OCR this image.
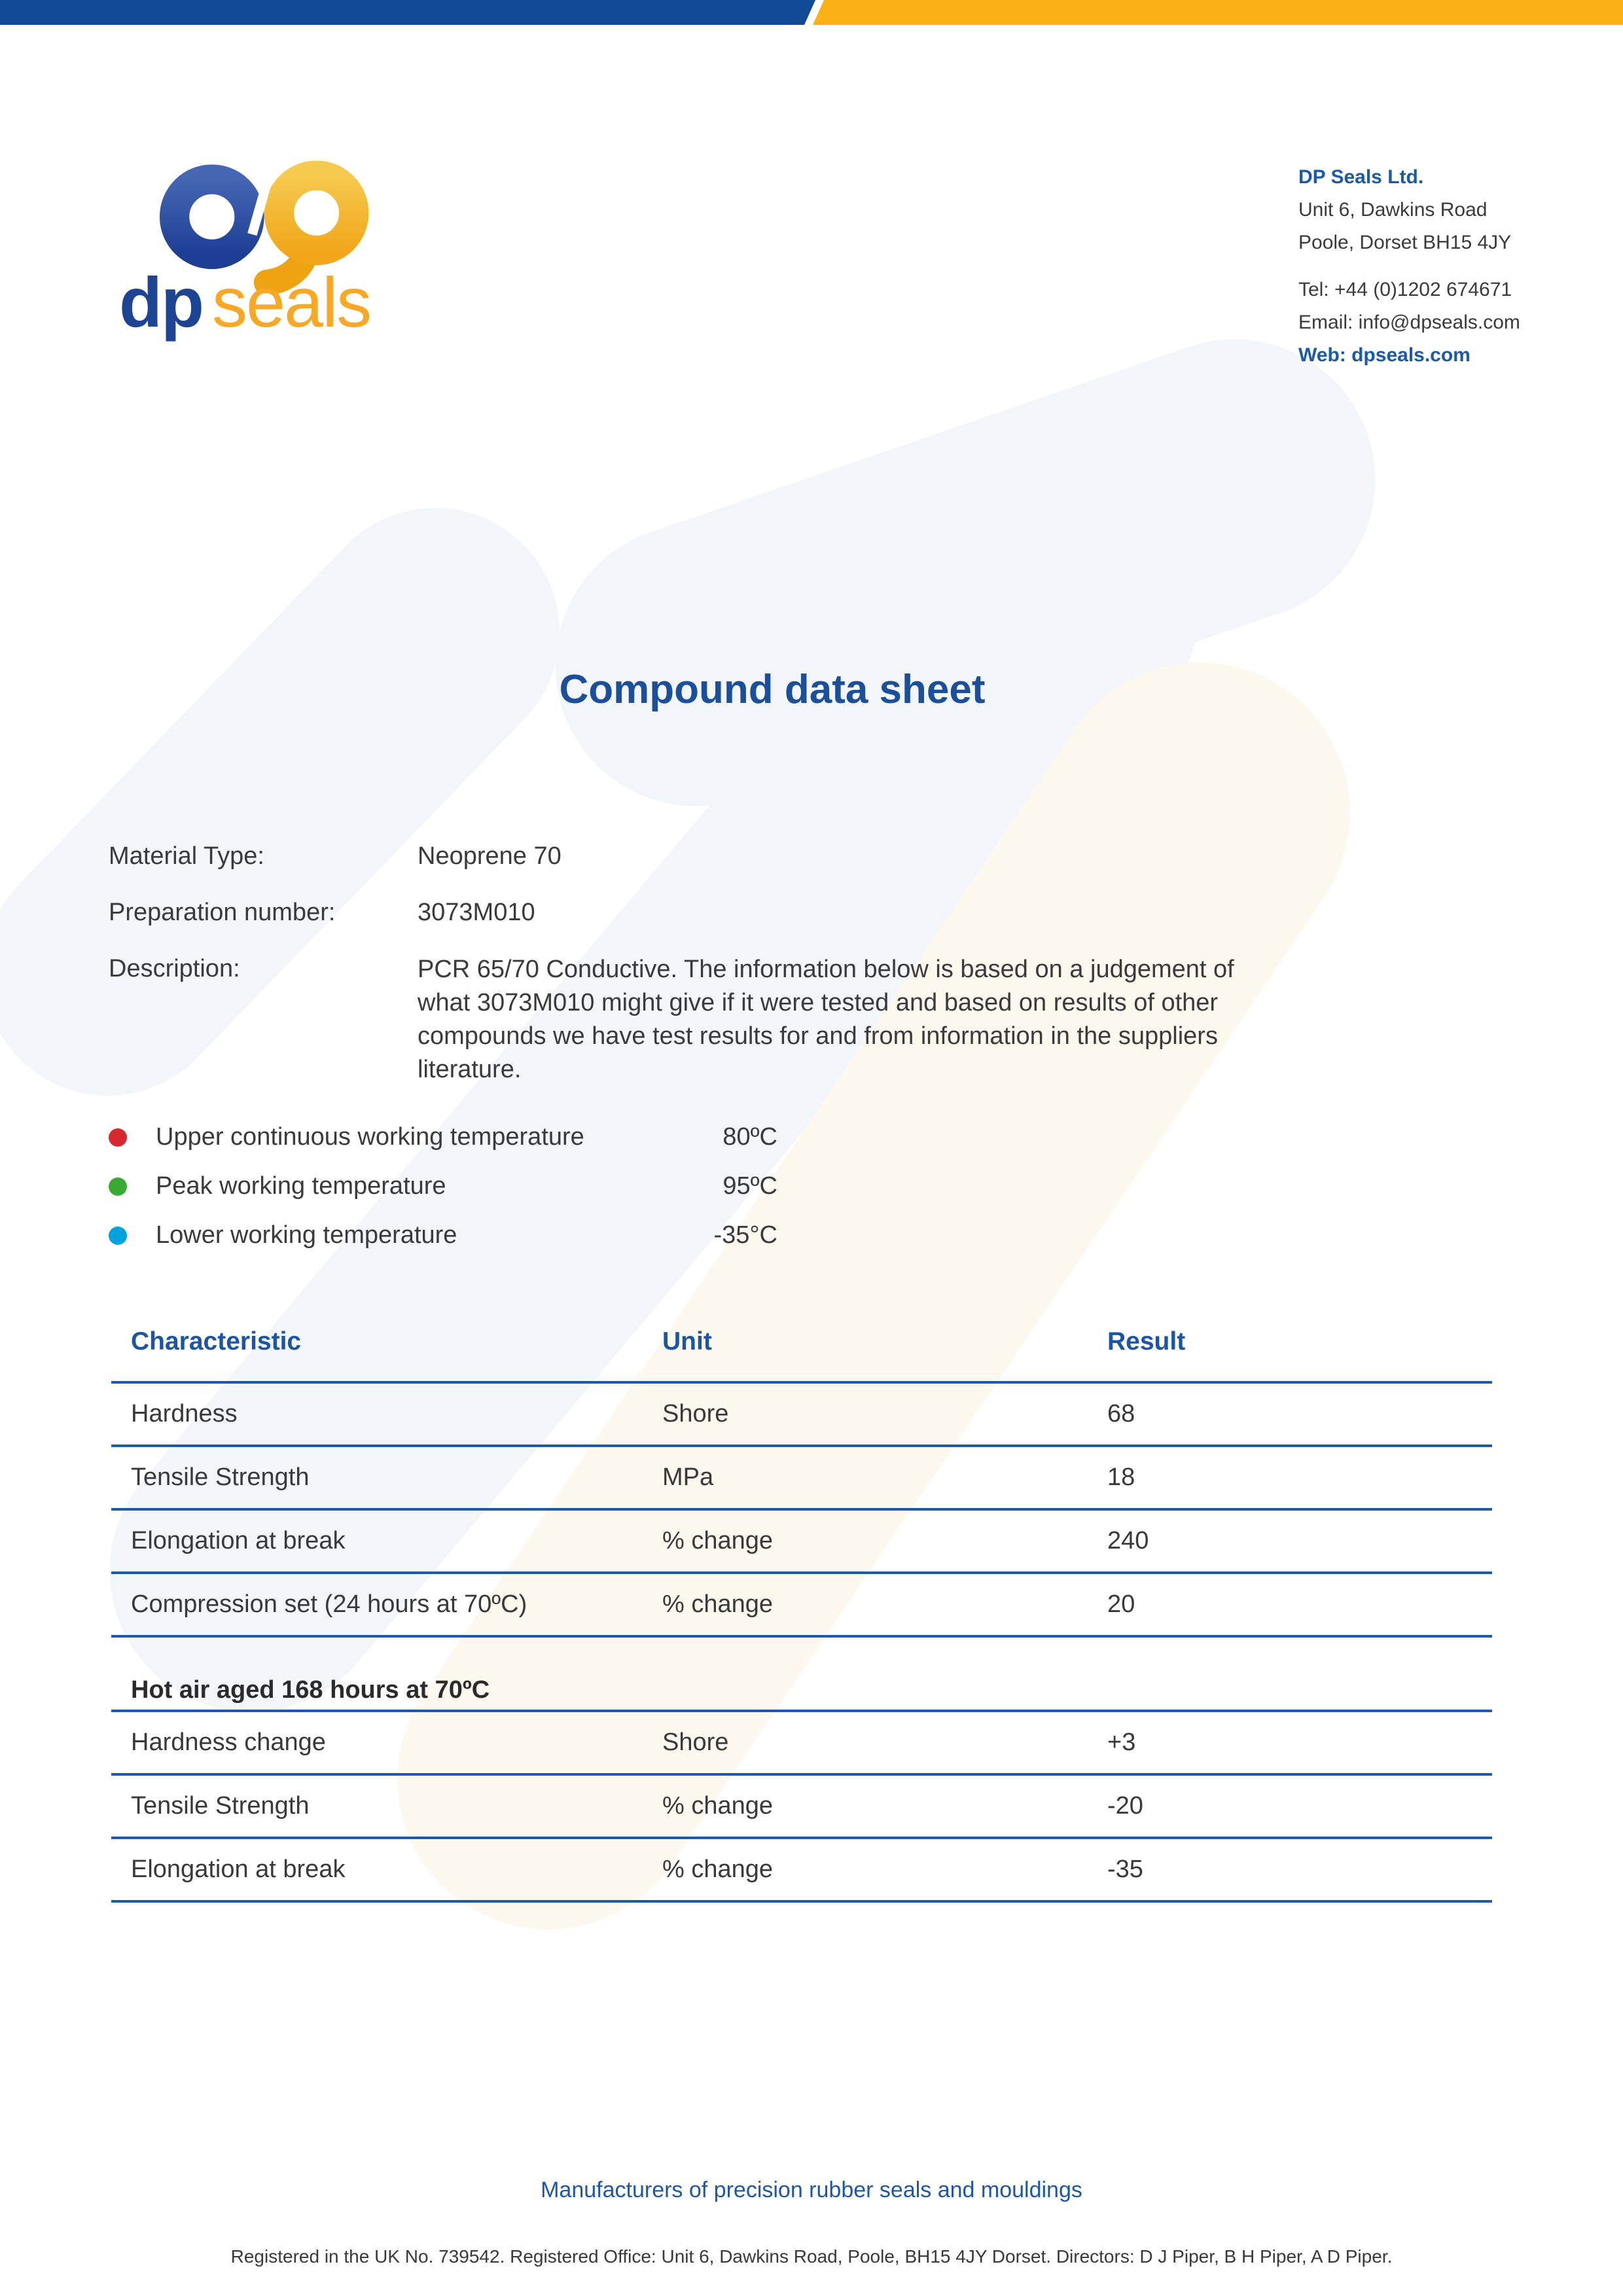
dp seals
DP Seals Ltd.
Unit 6, Dawkins Road
Poole, Dorset BH15 4JY
Tel: +44 (0)1202 674671
Email: info@dpseals.com
Web: dpseals.com
Compound data sheet
Material Type:	Neoprene 70
Preparation number:	3073M010
Description:	PCR 65/70 Conductive. The information below is based on a judgement of what 3073M010 might give if it were tested and based on results of other compounds we have test results for and from information in the suppliers literature.
Upper continuous working temperature	80ºC
Peak working temperature	95ºC
Lower working temperature	-35°C
Characteristic	Unit	Result
Hardness	Shore	68
Tensile Strength	MPa	18
Elongation at break	% change	240
Compression set (24 hours at 70ºC)	% change	20
Hot air aged 168 hours at 70ºC
Hardness change	Shore	+3
Tensile Strength	% change	-20
Elongation at break	% change	-35
Manufacturers of precision rubber seals and mouldings
Registered in the UK No. 739542. Registered Office: Unit 6, Dawkins Road, Poole, BH15 4JY Dorset. Directors: D J Piper, B H Piper, A D Piper.
